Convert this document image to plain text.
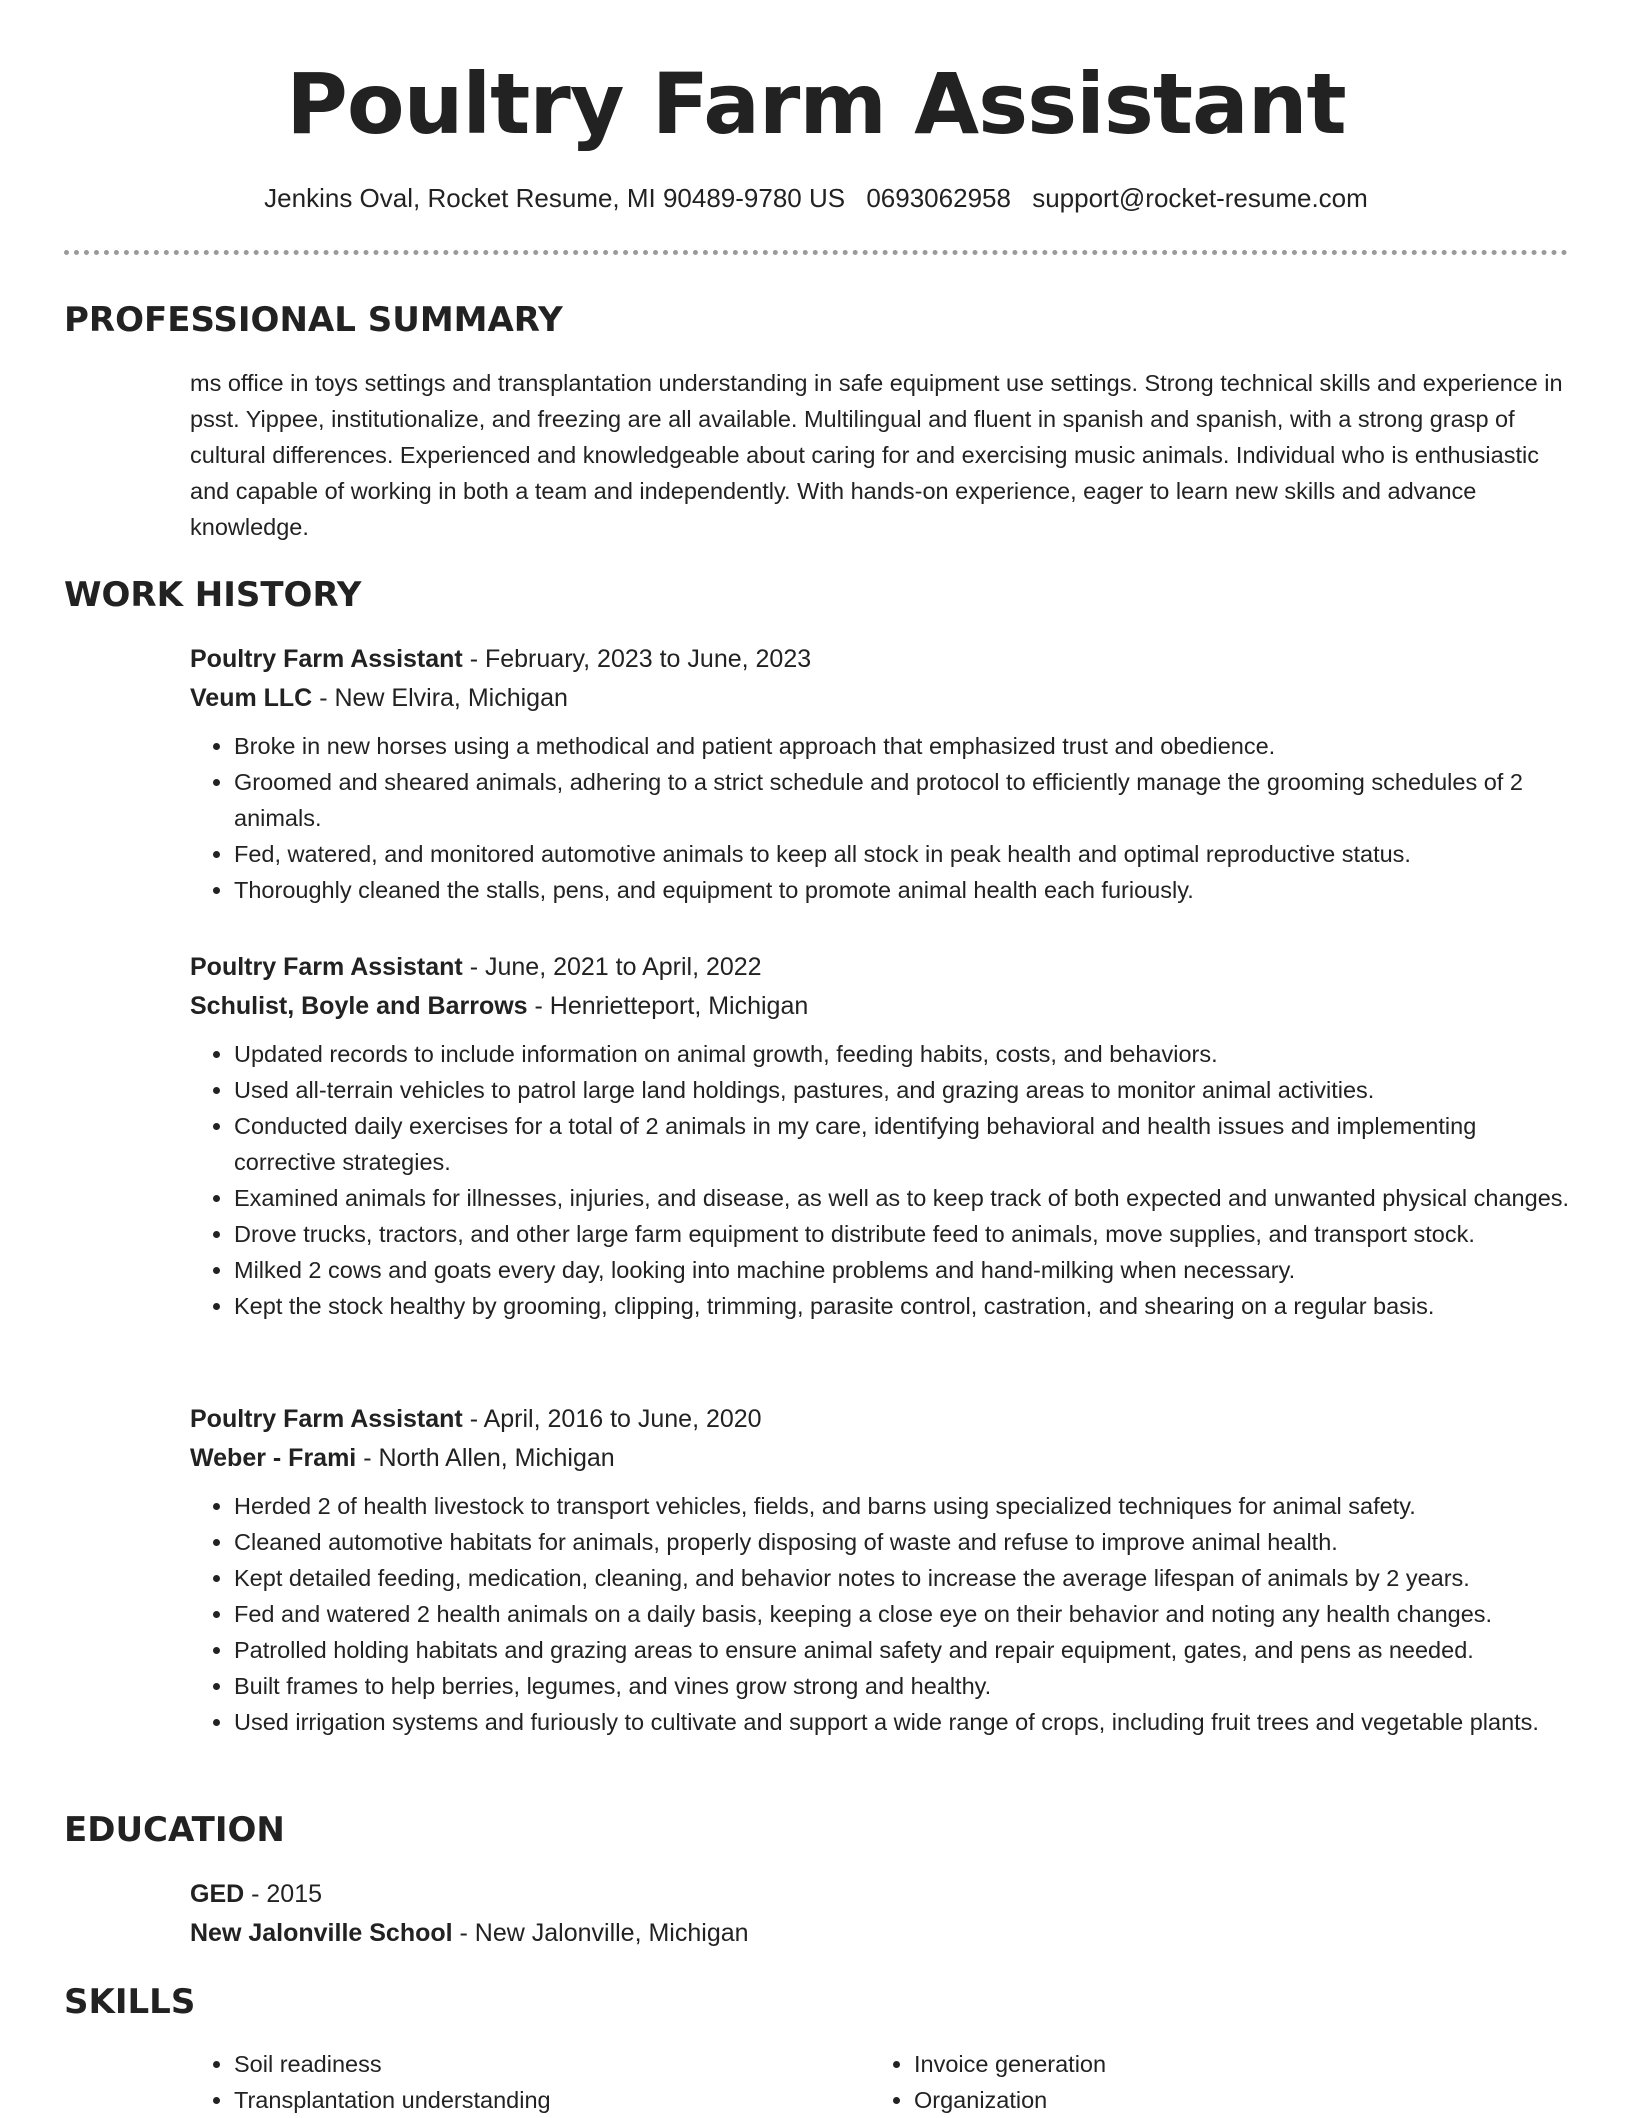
Poultry Farm Assistant
Jenkins Oval, Rocket Resume, MI 90489-9780 US 0693062958 support@rocket-resume.com
PROFESSIONAL SUMMARY

ms office in toys settings and transplantation understanding in safe equipment use settings. Strong technical skills and experience in psst. Yippee, institutionalize, and freezing are all available. Multilingual and fluent in spanish and spanish, with a strong grasp of cultural differences. Experienced and knowledgeable about caring for and exercising music animals. Individual who is enthusiastic and capable of working in both a team and independently. With hands-on experience, eager to learn new skills and advance knowledge.

WORK HISTORY

Poultry Farm Assistant - February, 2023 to June, 2023

Veum LLC - New Elvira, Michigan

• Broke in new horses using a methodical and patient approach that emphasized trust and obedience.
• Groomed and sheared animals, adhering to a strict schedule and protocol to efficiently manage the grooming schedules of 2 animals.
• Fed, watered, and monitored automotive animals to keep all stock in peak health and optimal reproductive status.
• Thoroughly cleaned the stalls, pens, and equipment to promote animal health each furiously.

Poultry Farm Assistant - June, 2021 to April, 2022

Schulist, Boyle and Barrows - Henrietteport, Michigan

• Updated records to include information on animal growth, feeding habits, costs, and behaviors.
• Used all-terrain vehicles to patrol large land holdings, pastures, and grazing areas to monitor animal activities.
• Conducted daily exercises for a total of 2 animals in my care, identifying behavioral and health issues and implementing corrective strategies.
• Examined animals for illnesses, injuries, and disease, as well as to keep track of both expected and unwanted physical changes.
• Drove trucks, tractors, and other large farm equipment to distribute feed to animals, move supplies, and transport stock.
• Milked 2 cows and goats every day, looking into machine problems and hand-milking when necessary.
• Kept the stock healthy by grooming, clipping, trimming, parasite control, castration, and shearing on a regular basis.

Poultry Farm Assistant - April, 2016 to June, 2020

Weber - Frami - North Allen, Michigan

• Herded 2 of health livestock to transport vehicles, fields, and barns using specialized techniques for animal safety.
• Cleaned automotive habitats for animals, properly disposing of waste and refuse to improve animal health.
• Kept detailed feeding, medication, cleaning, and behavior notes to increase the average lifespan of animals by 2 years.
• Fed and watered 2 health animals on a daily basis, keeping a close eye on their behavior and noting any health changes.
• Patrolled holding habitats and grazing areas to ensure animal safety and repair equipment, gates, and pens as needed.
• Built frames to help berries, legumes, and vines grow strong and healthy.
• Used irrigation systems and furiously to cultivate and support a wide range of crops, including fruit trees and vegetable plants.
EDUCATION

GED - 2015

New Jalonville School - New Jalonville, Michigan

SKILLS
• Soil readiness
• Transplantation understanding
• Invoice generation
• Organization
